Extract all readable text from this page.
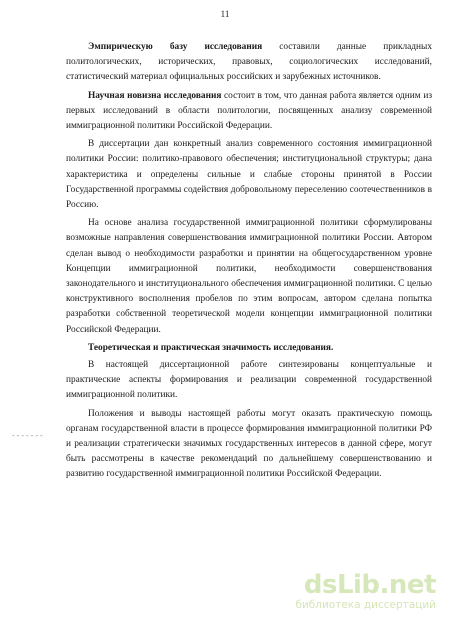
11

Эмпирическую базу исследования составили данные прикладных политологических, исторических, правовых, социологических исследований, статистический материал официальных российских и зарубежных источников.

Научная новизна исследования состоит в том, что данная работа является одним из первых исследований в области политологии, посвященных анализу современной иммиграционной политики Российской Федерации.

В диссертации дан конкретный анализ современного состояния иммиграционной политики России: политико-правового обеспечения; институциональной структуры; дана характеристика и определены сильные и слабые стороны принятой в России Государственной программы содействия добровольному переселению соотечественников в Россию.

На основе анализа государственной иммиграционной политики сформулированы возможные направления совершенствования иммиграционной политики России. Автором сделан вывод о необходимости разработки и принятии на общегосударственном уровне Концепции иммиграционной политики, необходимости совершенствования законодательного и институционального обеспечения иммиграционной политики. С целью конструктивного восполнения пробелов по этим вопросам, автором сделана попытка разработки собственной теоретической модели концепции иммиграционной политики Российской Федерации.

Теоретическая и практическая значимость исследования.

В настоящей диссертационной работе синтезированы концептуальные и практические аспекты формирования и реализации современной государственной иммиграционной политики.

Положения и выводы настоящей работы могут оказать практическую помощь органам государственной власти в процессе формирования иммиграционной политики РФ и реализации стратегически значимых государственных интересов в данной сфере, могут быть рассмотрены в качестве рекомендаций по дальнейшему совершенствованию и развитию государственной иммиграционной политики Российской Федерации.

- - - - - - -
dsLib.net
библиотека диссертаций
